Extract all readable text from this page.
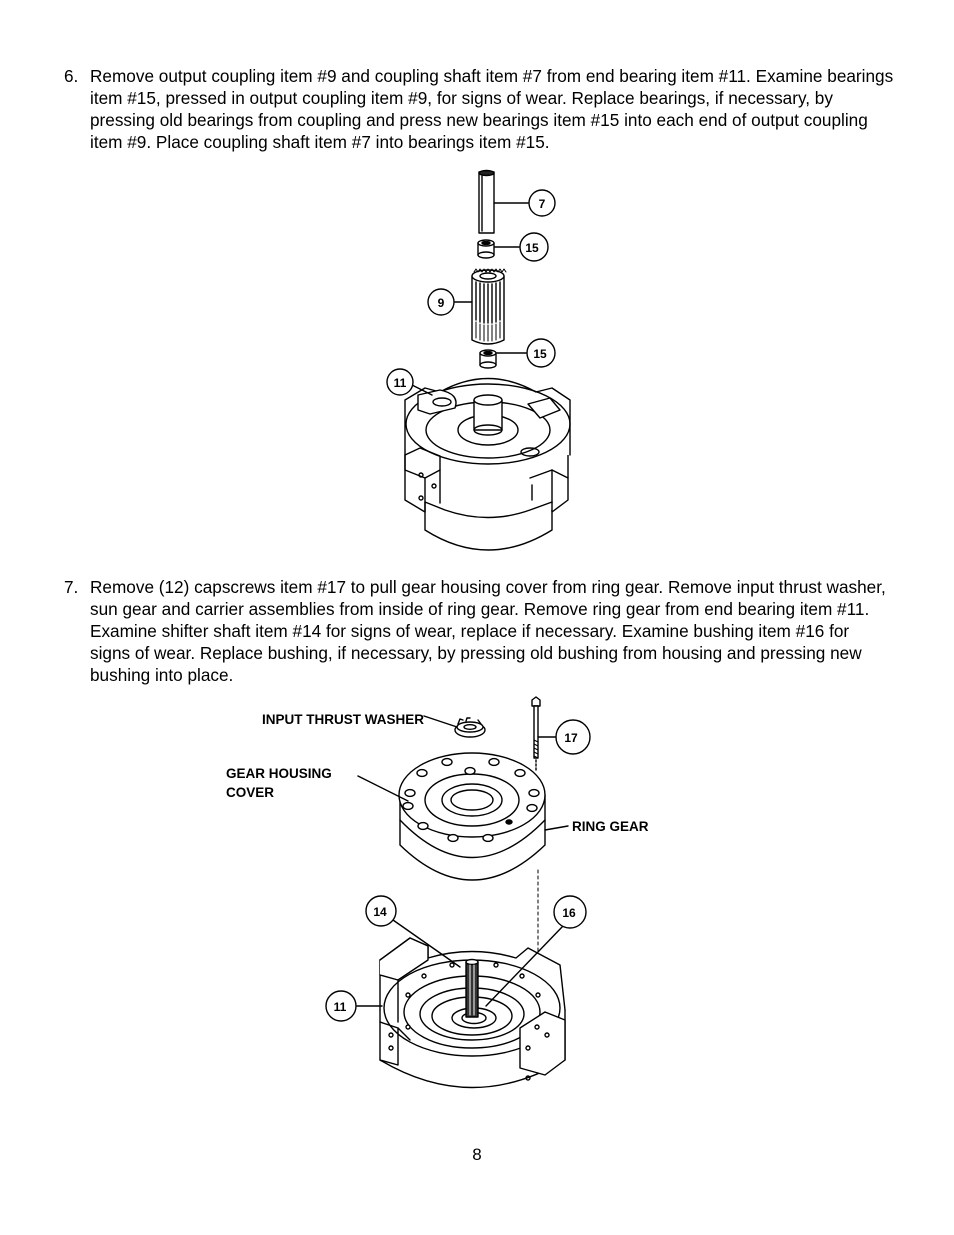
6. Remove output coupling item #9 and coupling shaft item #7 from end bearing item #11. Examine bearings item #15, pressed in output coupling item #9, for signs of wear. Replace bearings, if necessary, by pressing old bearings from coupling and press new bearings item #15 into each end of output coupling item #9. Place coupling shaft item #7 into bearings item #15.
7
15
9
15
11
INPUT THRUST WASHER
17
GEAR HOUSING
COVER
RING GEAR
14	16
11
7. Remove (12) capscrews item #17 to pull gear housing cover from ring gear. Remove input thrust washer, sun gear and carrier assemblies from inside of ring gear. Remove ring gear from end bearing item #11. Examine shifter shaft item #14 for signs of wear, replace if necessary. Examine bushing item #16 for signs of wear. Replace bushing, if necessary, by pressing old bushing from housing and pressing new bushing into place.
8
